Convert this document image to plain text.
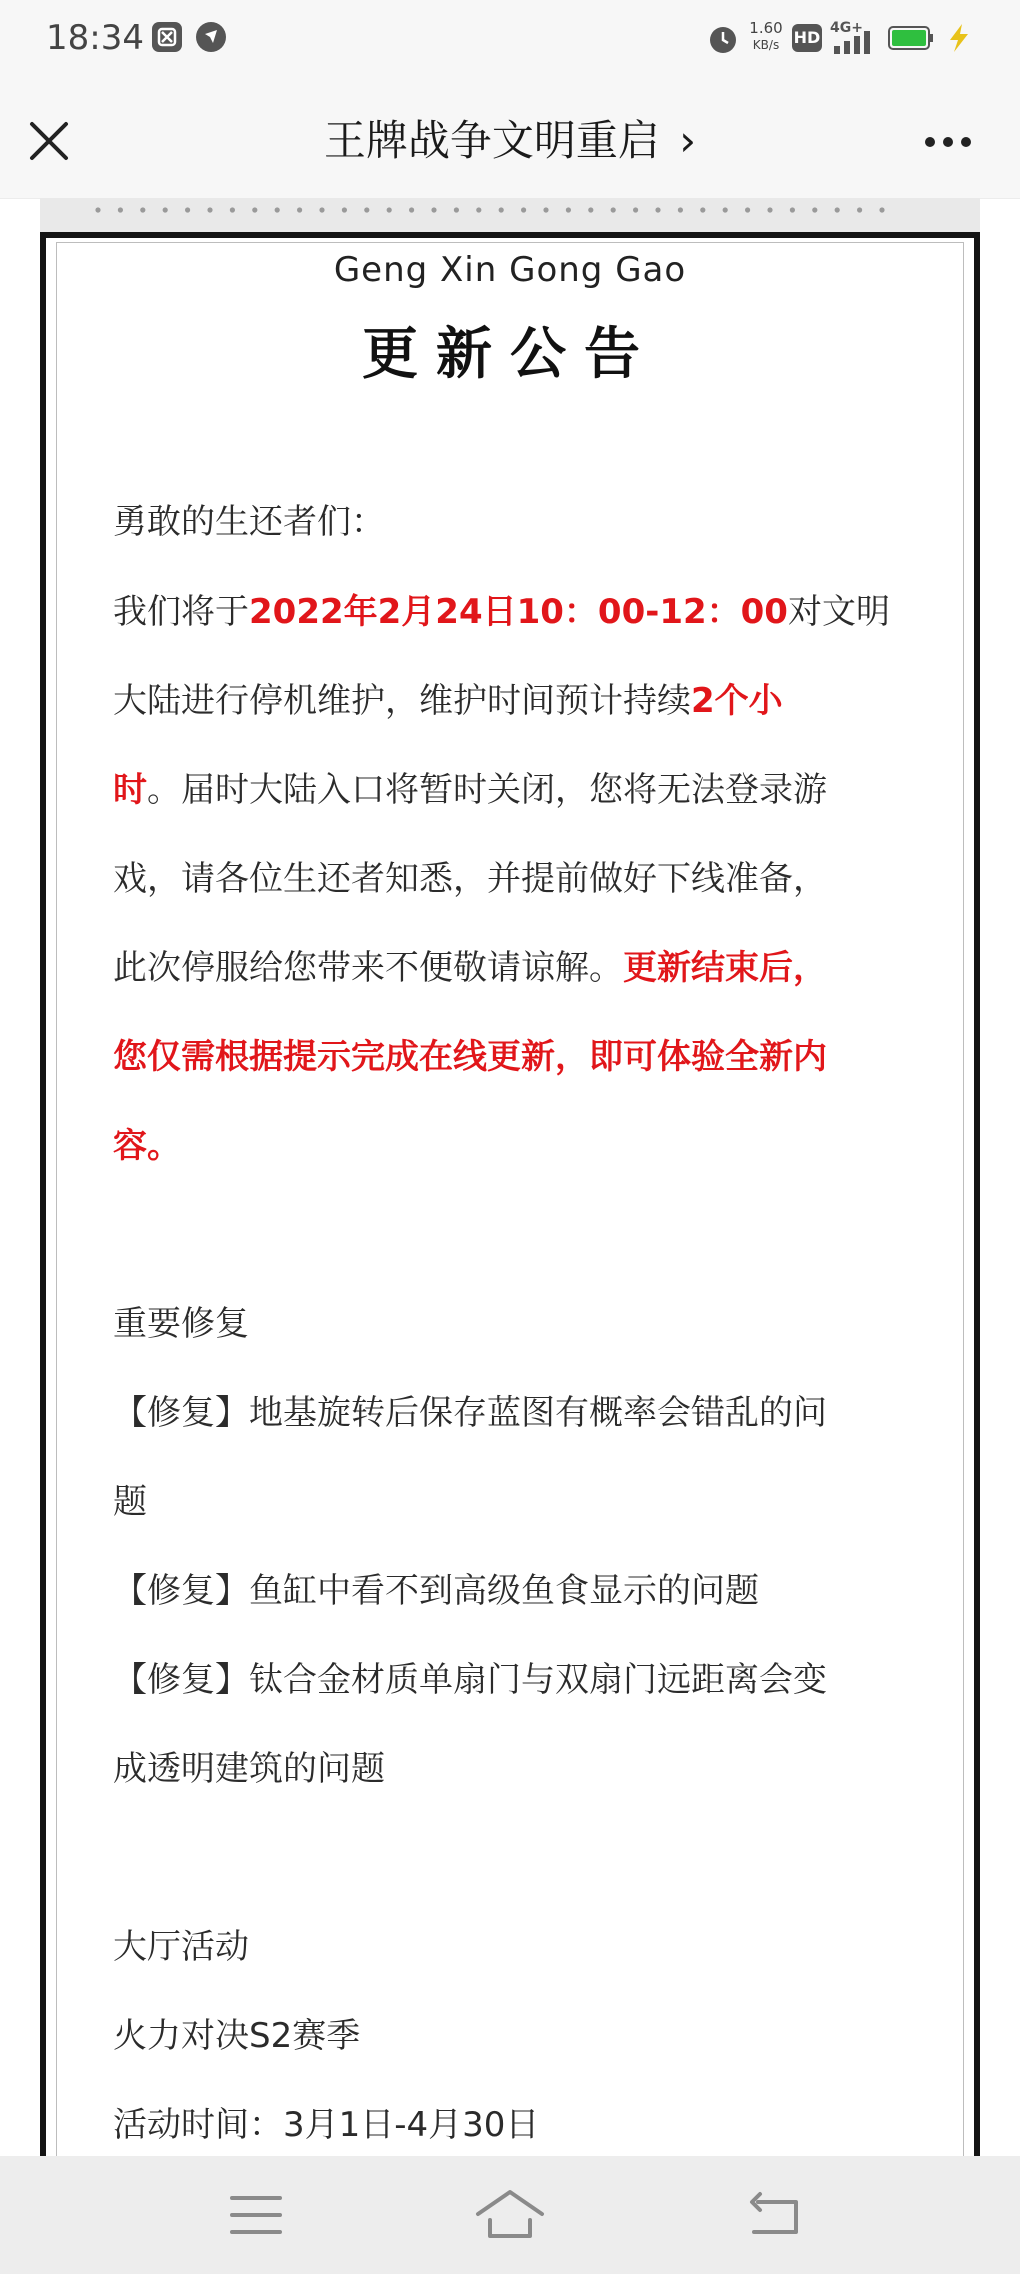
18:34	1.60
KB/s HD 4G+
王牌战争文明重启 ›
Geng Xin Gong Gao
更新公告
勇敢的生还者们：
我们将于2022年2月24日10：00-12：00对文明
大陆进行停机维护，维护时间预计持续2个小
时。届时大陆入口将暂时关闭，您将无法登录游
戏，请各位生还者知悉，并提前做好下线准备，
此次停服给您带来不便敬请谅解。更新结束后，
您仅需根据提示完成在线更新，即可体验全新内
容。
重要修复
【修复】地基旋转后保存蓝图有概率会错乱的问
题
【修复】鱼缸中看不到高级鱼食显示的问题
【修复】钛合金材质单扇门与双扇门远距离会变
成透明建筑的问题
大厅活动
火力对决S2赛季
活动时间：3月1日-4月30日
